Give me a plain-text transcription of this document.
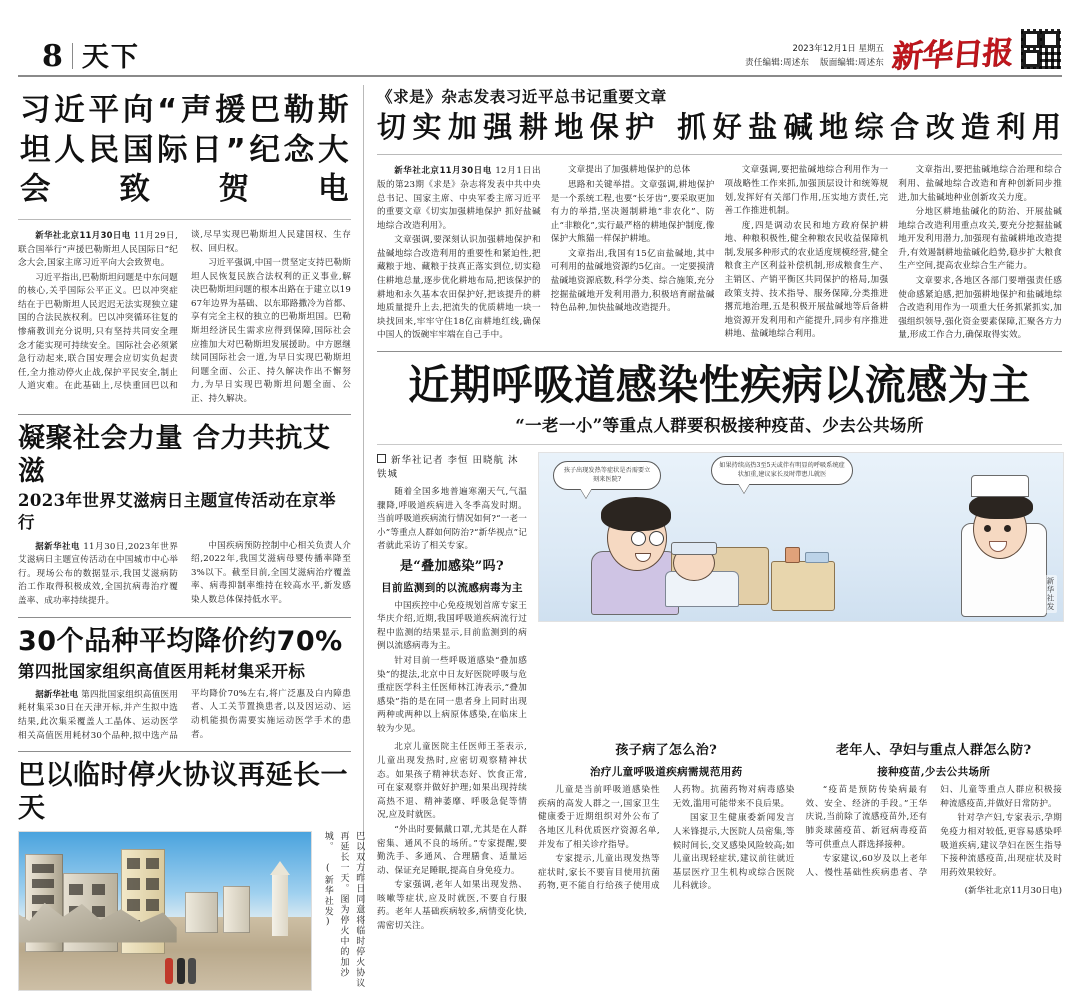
8 天下	2023年12月1日 星期五
责任编辑:周述东 版面编辑:周述东 新华日报
习近平向“声援巴勒斯坦人民国际日”纪念大会致贺电

新华社北京11月30日电 11月29日,联合国举行“声援巴勒斯坦人民国际日”纪念大会,国家主席习近平向大会致贺电。

习近平指出,巴勒斯坦问题是中东问题的核心,关乎国际公平正义。巴以冲突症结在于巴勒斯坦人民迟迟无法实现独立建国的合法民族权利。巴以冲突循环往复的惨痛教训充分说明,只有坚持共同安全理念才能实现可持续安全。国际社会必须紧急行动起来,联合国安理会应切实负起责任,全力推动停火止战,保护平民安全,制止人道灾难。在此基础上,尽快重回巴以和谈,尽早实现巴勒斯坦人民建国权、生存权、回归权。

习近平强调,中国一贯坚定支持巴勒斯坦人民恢复民族合法权利的正义事业,解决巴勒斯坦问题的根本出路在于建立以1967年边界为基础、以东耶路撒冷为首都、享有完全主权的独立的巴勒斯坦国。巴勒斯坦经济民生需求应得到保障,国际社会应推加大对巴勒斯坦发展援助。中方愿继续同国际社会一道,为早日实现巴勒斯坦问题全面、公正、持久解决作出不懈努力,为早日实现巴勒斯坦问题全面、公正、持久解决。

凝聚社会力量 合力共抗艾滋
2023年世界艾滋病日主题宣传活动在京举行

据新华社电 11月30日,2023年世界艾滋病日主题宣传活动在中国城市中心举行。现场公布的数据显示,我国艾滋病防治工作取得积极成效,全国抗病毒治疗覆盖率、成功率持续提升。

中国疾病预防控制中心相关负责人介绍,2022年,我国艾滋病母婴传播率降至3%以下。截至目前,全国艾滋病治疗覆盖率、病毒抑制率维持在较高水平,新发感染人数总体保持低水平。

30个品种平均降价约70%
第四批国家组织高值医用耗材集采开标

据新华社电 第四批国家组织高值医用耗材集采30日在天津开标,并产生拟中选结果,此次集采覆盖人工晶体、运动医学相关高值医用耗材30个品种,拟中选产品平均降价70%左右,将广泛惠及白内障患者、人工关节置换患者,以及因运动、运动机能损伤需要实施运动医学手术的患者。

巴以临时停火协议再延长一天
巴以双方昨日同意将临时停火协议再延长一天。图为停火中的加沙城。 (新华社发)
《求是》杂志发表习近平总书记重要文章
切实加强耕地保护 抓好盐碱地综合改造利用

新华社北京11月30日电 12月1日出版的第23期《求是》杂志将发表中共中央总书记、国家主席、中央军委主席习近平的重要文章《切实加强耕地保护 抓好盐碱地综合改造利用》。

文章强调,要深刻认识加强耕地保护和盐碱地综合改造利用的重要性和紧迫性,把藏粮于地、藏粮于技真正落实到位,切实稳住耕地总量,逐步优化耕地布局,把该保护的耕地和永久基本农田保护好,把该提升的耕地质量提升上去,把流失的优质耕地一块一块找回来,牢牢守住18亿亩耕地红线,确保中国人的饭碗牢牢端在自己手中。

文章提出了加强耕地保护的总体

思路和关键举措。文章强调,耕地保护是一个系统工程,也要“长牙齿”,要采取更加有力的举措,坚决遏制耕地“非农化”、防止“非粮化”,实行最严格的耕地保护制度,像保护大熊猫一样保护耕地。

文章指出,我国有15亿亩盐碱地,其中可利用的盐碱地资源约5亿亩。一定要摸清盐碱地资源底数,科学分类、综合施策,充分挖掘盐碱地开发利用潜力,积极培育耐盐碱特色品种,加快盐碱地改造提升。

文章强调,要把盐碱地综合利用作为一项战略性工作来抓,加强顶层设计和统筹规划,发挥好有关部门作用,压实地方责任,完善工作推进机制。

度,四是调动农民和地方政府保护耕地、种粮积极性,健全种粮农民收益保障机制,发展多种形式的农业适度规模经营,健全粮食主产区利益补偿机制,形成粮食生产、主销区、产销平衡区共同保护的格局,加强政策支持、技术指导、服务保障,分类推进撂荒地治理,五是积极开展盐碱地等后备耕地资源开发利用和产能提升,同步有序推进耕地、盐碱地综合利用。

文章指出,要把盐碱地综合治理和综合利用、盐碱地综合改造和育种创新同步推进,加大盐碱地种业创新攻关力度。

分地区耕地盐碱化的防治、开展盐碱地综合改造利用重点攻关,要充分挖掘盐碱地开发利用潜力,加强现有盐碱耕地改造提升,有效遏制耕地盐碱化趋势,稳步扩大粮食生产空间,提高农业综合生产能力。

文章要求,各地区各部门要增强责任感使命感紧迫感,把加强耕地保护和盐碱地综合改造利用作为一项重大任务抓紧抓实,加强组织领导,强化资金要素保障,汇聚各方力量,形成工作合力,确保取得实效。

近期呼吸道感染性疾病以流感为主
“一老一小”等重点人群要积极接种疫苗、少去公共场所
新华社记者 李恒 田晓航 沐铁城

随着全国多地普遍寒潮天气,气温骤降,呼吸道疾病进入冬季高发时期。当前呼吸道疾病流行情况如何?“一老一小”等重点人群如何防治?“新华视点”记者就此采访了相关专家。

是“叠加感染”吗?
目前监测到的以流感病毒为主

中国疾控中心免疫规划首席专家王华庆介绍,近期,我国呼吸道疾病流行过程中监测的结果显示,目前监测到的病例以流感病毒为主。

针对目前一些呼吸道感染“叠加感染”的提法,北京中日友好医院呼吸与危重症医学科主任医师林江涛表示,“叠加感染”指的是在同一患者身上同时出现两种或两种以上病原体感染,在临床上较为少见。

孩子出现发热等症状是否需要立刻来医院?
如果持续高热3至5天或伴有明显的呼吸系统症状加重,建议家长及时带患儿就医
新华社发

北京儿童医院主任医师王荃表示,儿童出现发热时,应密切观察精神状态。如果孩子精神状态好、饮食正常,可在家观察并做好护理;如果出现持续高热不退、精神萎靡、呼吸急促等情况,应及时就医。

“外出时要佩戴口罩,尤其是在人群密集、通风不良的场所。”专家提醒,要勤洗手、多通风、合理膳食、适量运动、保证充足睡眠,提高自身免疫力。

专家强调,老年人如果出现发热、咳嗽等症状,应及时就医,不要自行服药。老年人基础疾病较多,病情变化快,需密切关注。

孩子病了怎么治?
治疗儿童呼吸道疾病需规范用药

儿童是当前呼吸道感染性疾病的高发人群之一,国家卫生健康委于近期组织对外公布了各地区儿科优质医疗资源名单,并发布了相关诊疗指导。

专家提示,儿童出现发热等症状时,家长不要盲目使用抗菌药物,更不能自行给孩子使用成人药物。抗菌药物对病毒感染无效,滥用可能带来不良后果。

国家卫生健康委新闻发言人米锋提示,大医院人员密集,等候时间长,交叉感染风险较高;如儿童出现轻症状,建议前往就近基层医疗卫生机构或综合医院儿科就诊。

老年人、孕妇与重点人群怎么防?
接种疫苗,少去公共场所

“疫苗是预防传染病最有效、安全、经济的手段。”王华庆说,当前除了流感疫苗外,还有肺炎球菌疫苗、新冠病毒疫苗等可供重点人群选择接种。

专家建议,60岁及以上老年人、慢性基础性疾病患者、孕妇、儿童等重点人群应积极接种流感疫苗,并做好日常防护。

针对孕产妇,专家表示,孕期免疫力相对较低,更容易感染呼吸道疾病,建议孕妇在医生指导下接种流感疫苗,出现症状及时用药效果较好。

(新华社北京11月30日电)
